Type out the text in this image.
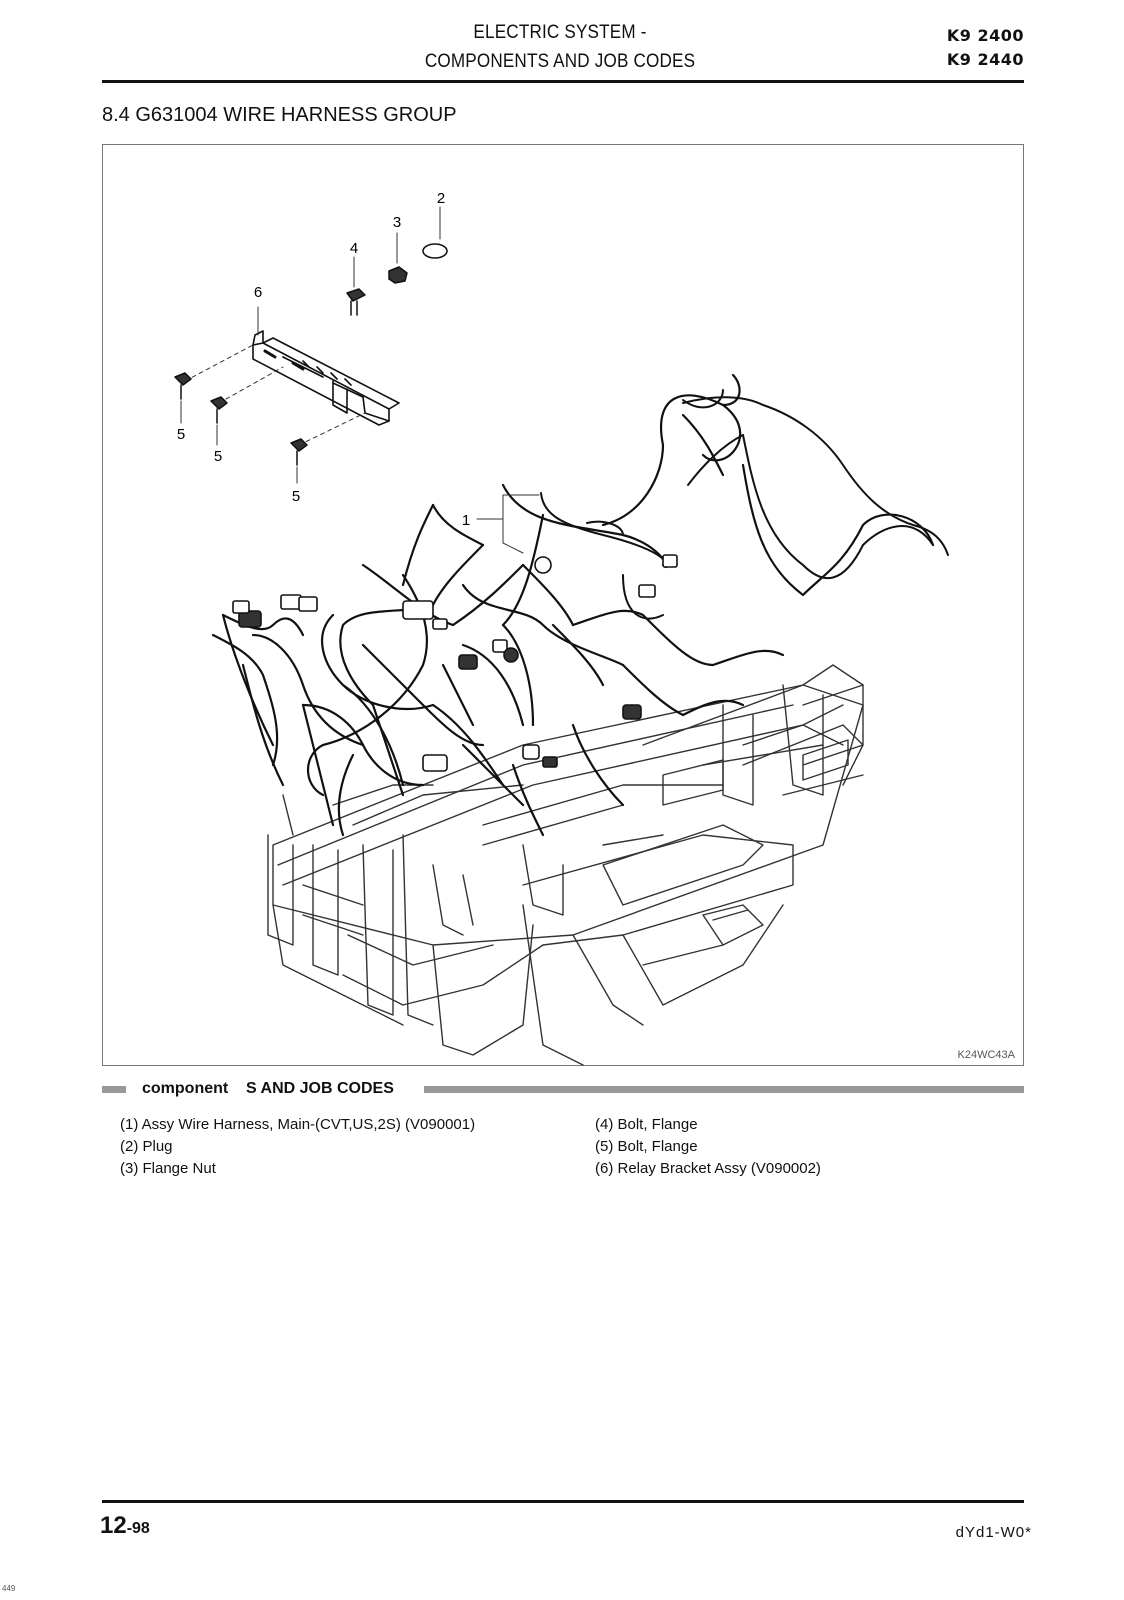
ELECTRIC SYSTEM -
COMPONENTS AND JOB CODES
K9 2400
K9 2440
8.4 G631004 WIRE HARNESS GROUP
2
3
4
6
5
5
5
1
K24WC43A
component    S AND JOB CODES
(1) Assy Wire Harness, Main-(CVT,US,2S) (V090001)
(2) Plug
(3) Flange Nut
(4) Bolt, Flange
(5) Bolt, Flange
(6) Relay Bracket Assy (V090002)
12-98	dYd1-W0*
449
